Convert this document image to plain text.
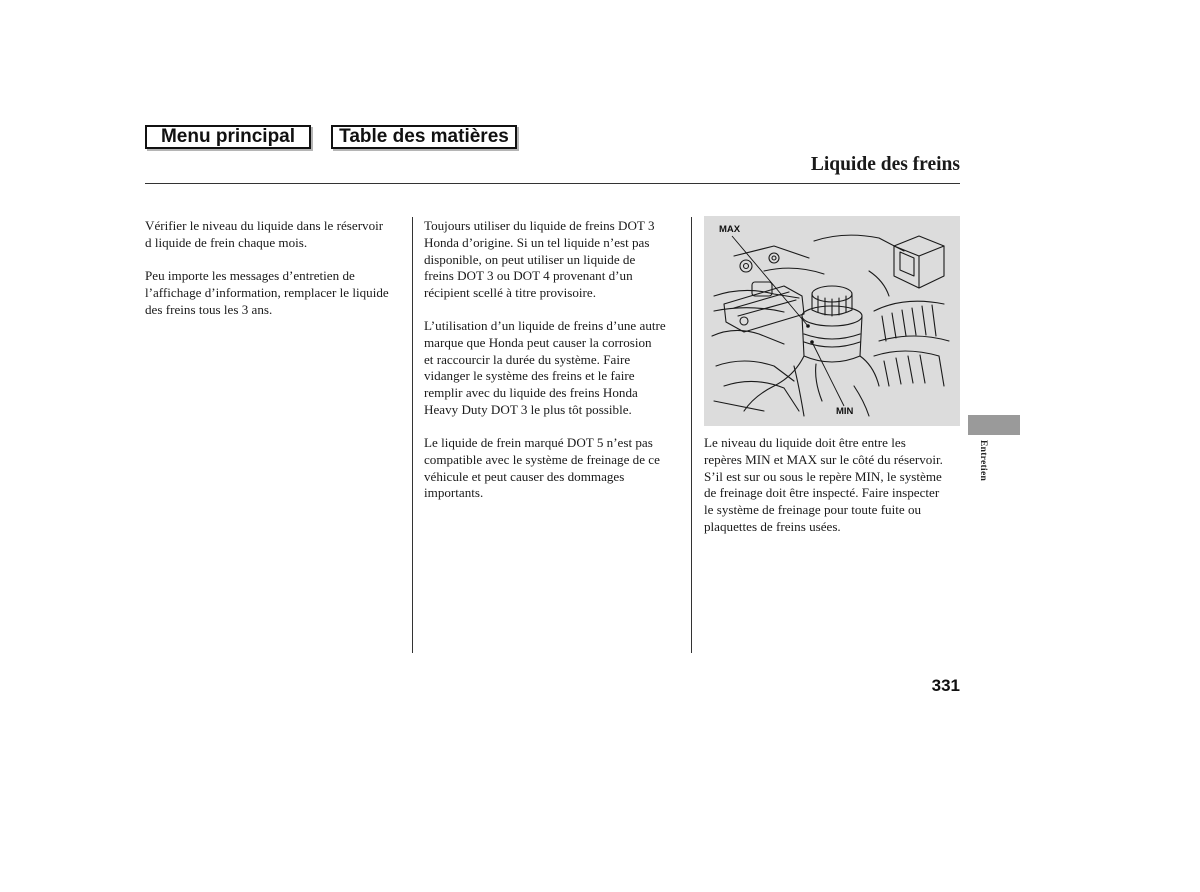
Menu principal	Table des matières
Liquide des freins

Vérifier le niveau du liquide dans le réservoir
d liquide de frein chaque mois.

Peu importe les messages d’entretien de
l’affichage d’information, remplacer le liquide
des freins tous les 3 ans.

Toujours utiliser du liquide de freins DOT 3
Honda d’origine. Si un tel liquide n’est pas
disponible, on peut utiliser un liquide de
freins DOT 3 ou DOT 4 provenant d’un
récipient scellé à titre provisoire.

L’utilisation d’un liquide de freins d’une autre
marque que Honda peut causer la corrosion
et raccourcir la durée du système. Faire
vidanger le système des freins et le faire
remplir avec du liquide des freins Honda
Heavy Duty DOT 3 le plus tôt possible.

Le liquide de frein marqué DOT 5 n’est pas
compatible avec le système de freinage de ce
véhicule et peut causer des dommages
importants.

MAX
MIN

Le niveau du liquide doit être entre les
repères MIN et MAX sur le côté du réservoir.
S’il est sur ou sous le repère MIN, le système
de freinage doit être inspecté. Faire inspecter
le système de freinage pour toute fuite ou
plaquettes de freins usées.

Entretien
331
